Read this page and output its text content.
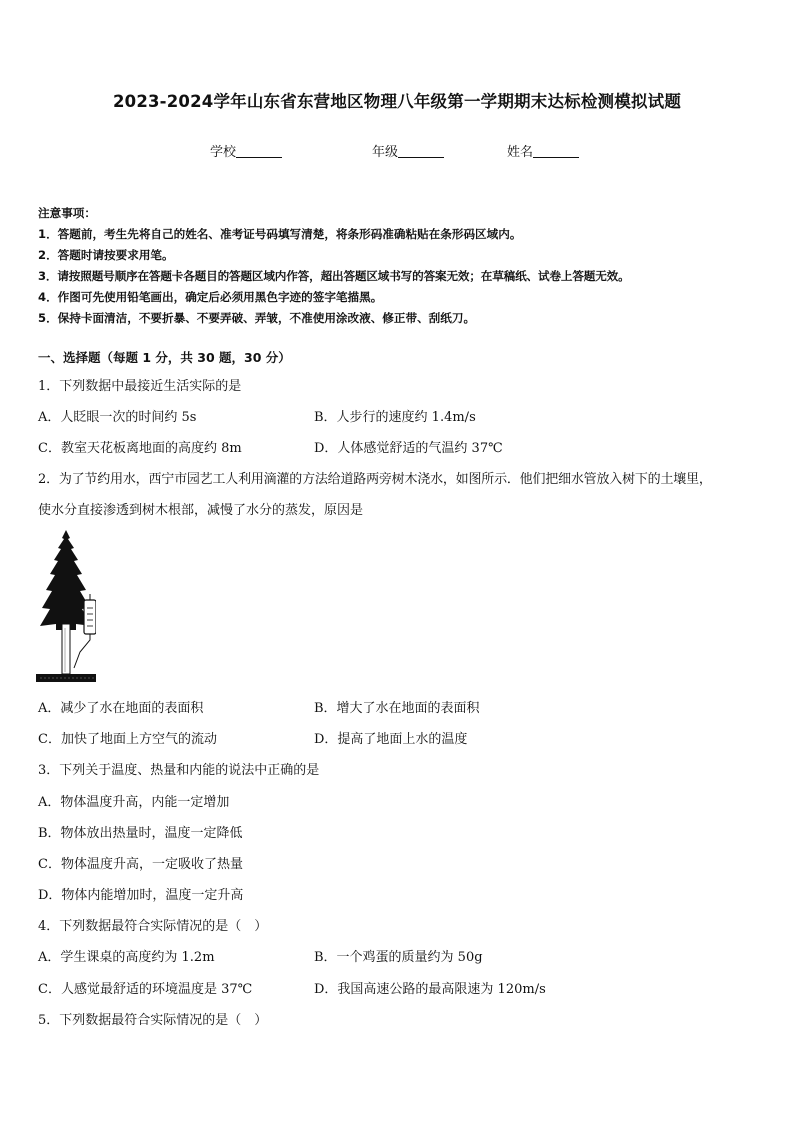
2023-2024学年山东省东营地区物理八年级第一学期期末达标检测模拟试题
学校	年级	姓名
注意事项：
1．答题前，考生先将自己的姓名、准考证号码填写清楚，将条形码准确粘贴在条形码区域内。
2．答题时请按要求用笔。
3．请按照题号顺序在答题卡各题目的答题区域内作答，超出答题区域书写的答案无效；在草稿纸、试卷上答题无效。
4．作图可先使用铅笔画出，确定后必须用黑色字迹的签字笔描黑。
5．保持卡面清洁，不要折暴、不要弄破、弄皱，不准使用涂改液、修正带、刮纸刀。
一、选择题（每题 1 分，共 30 题，30 分）
1．下列数据中最接近生活实际的是
A．人眨眼一次的时间约 5s	B．人步行的速度约 1.4m/s
C．教室天花板离地面的高度约 8m	D．人体感觉舒适的气温约 37℃
2．为了节约用水，西宁市园艺工人利用滴灌的方法给道路两旁树木浇水，如图所示．他们把细水管放入树下的土壤里，
使水分直接渗透到树木根部，减慢了水分的蒸发，原因是
A．减少了水在地面的表面积	B．增大了水在地面的表面积
C．加快了地面上方空气的流动	D．提高了地面上水的温度
3．下列关于温度、热量和内能的说法中正确的是
A．物体温度升高，内能一定增加
B．物体放出热量时，温度一定降低
C．物体温度升高，一定吸收了热量
D．物体内能增加时，温度一定升高
4．下列数据最符合实际情况的是（　）
A．学生课桌的高度约为 1.2m	B．一个鸡蛋的质量约为 50g
C．人感觉最舒适的环境温度是 37℃	D．我国高速公路的最高限速为 120m/s
5．下列数据最符合实际情况的是（　）
